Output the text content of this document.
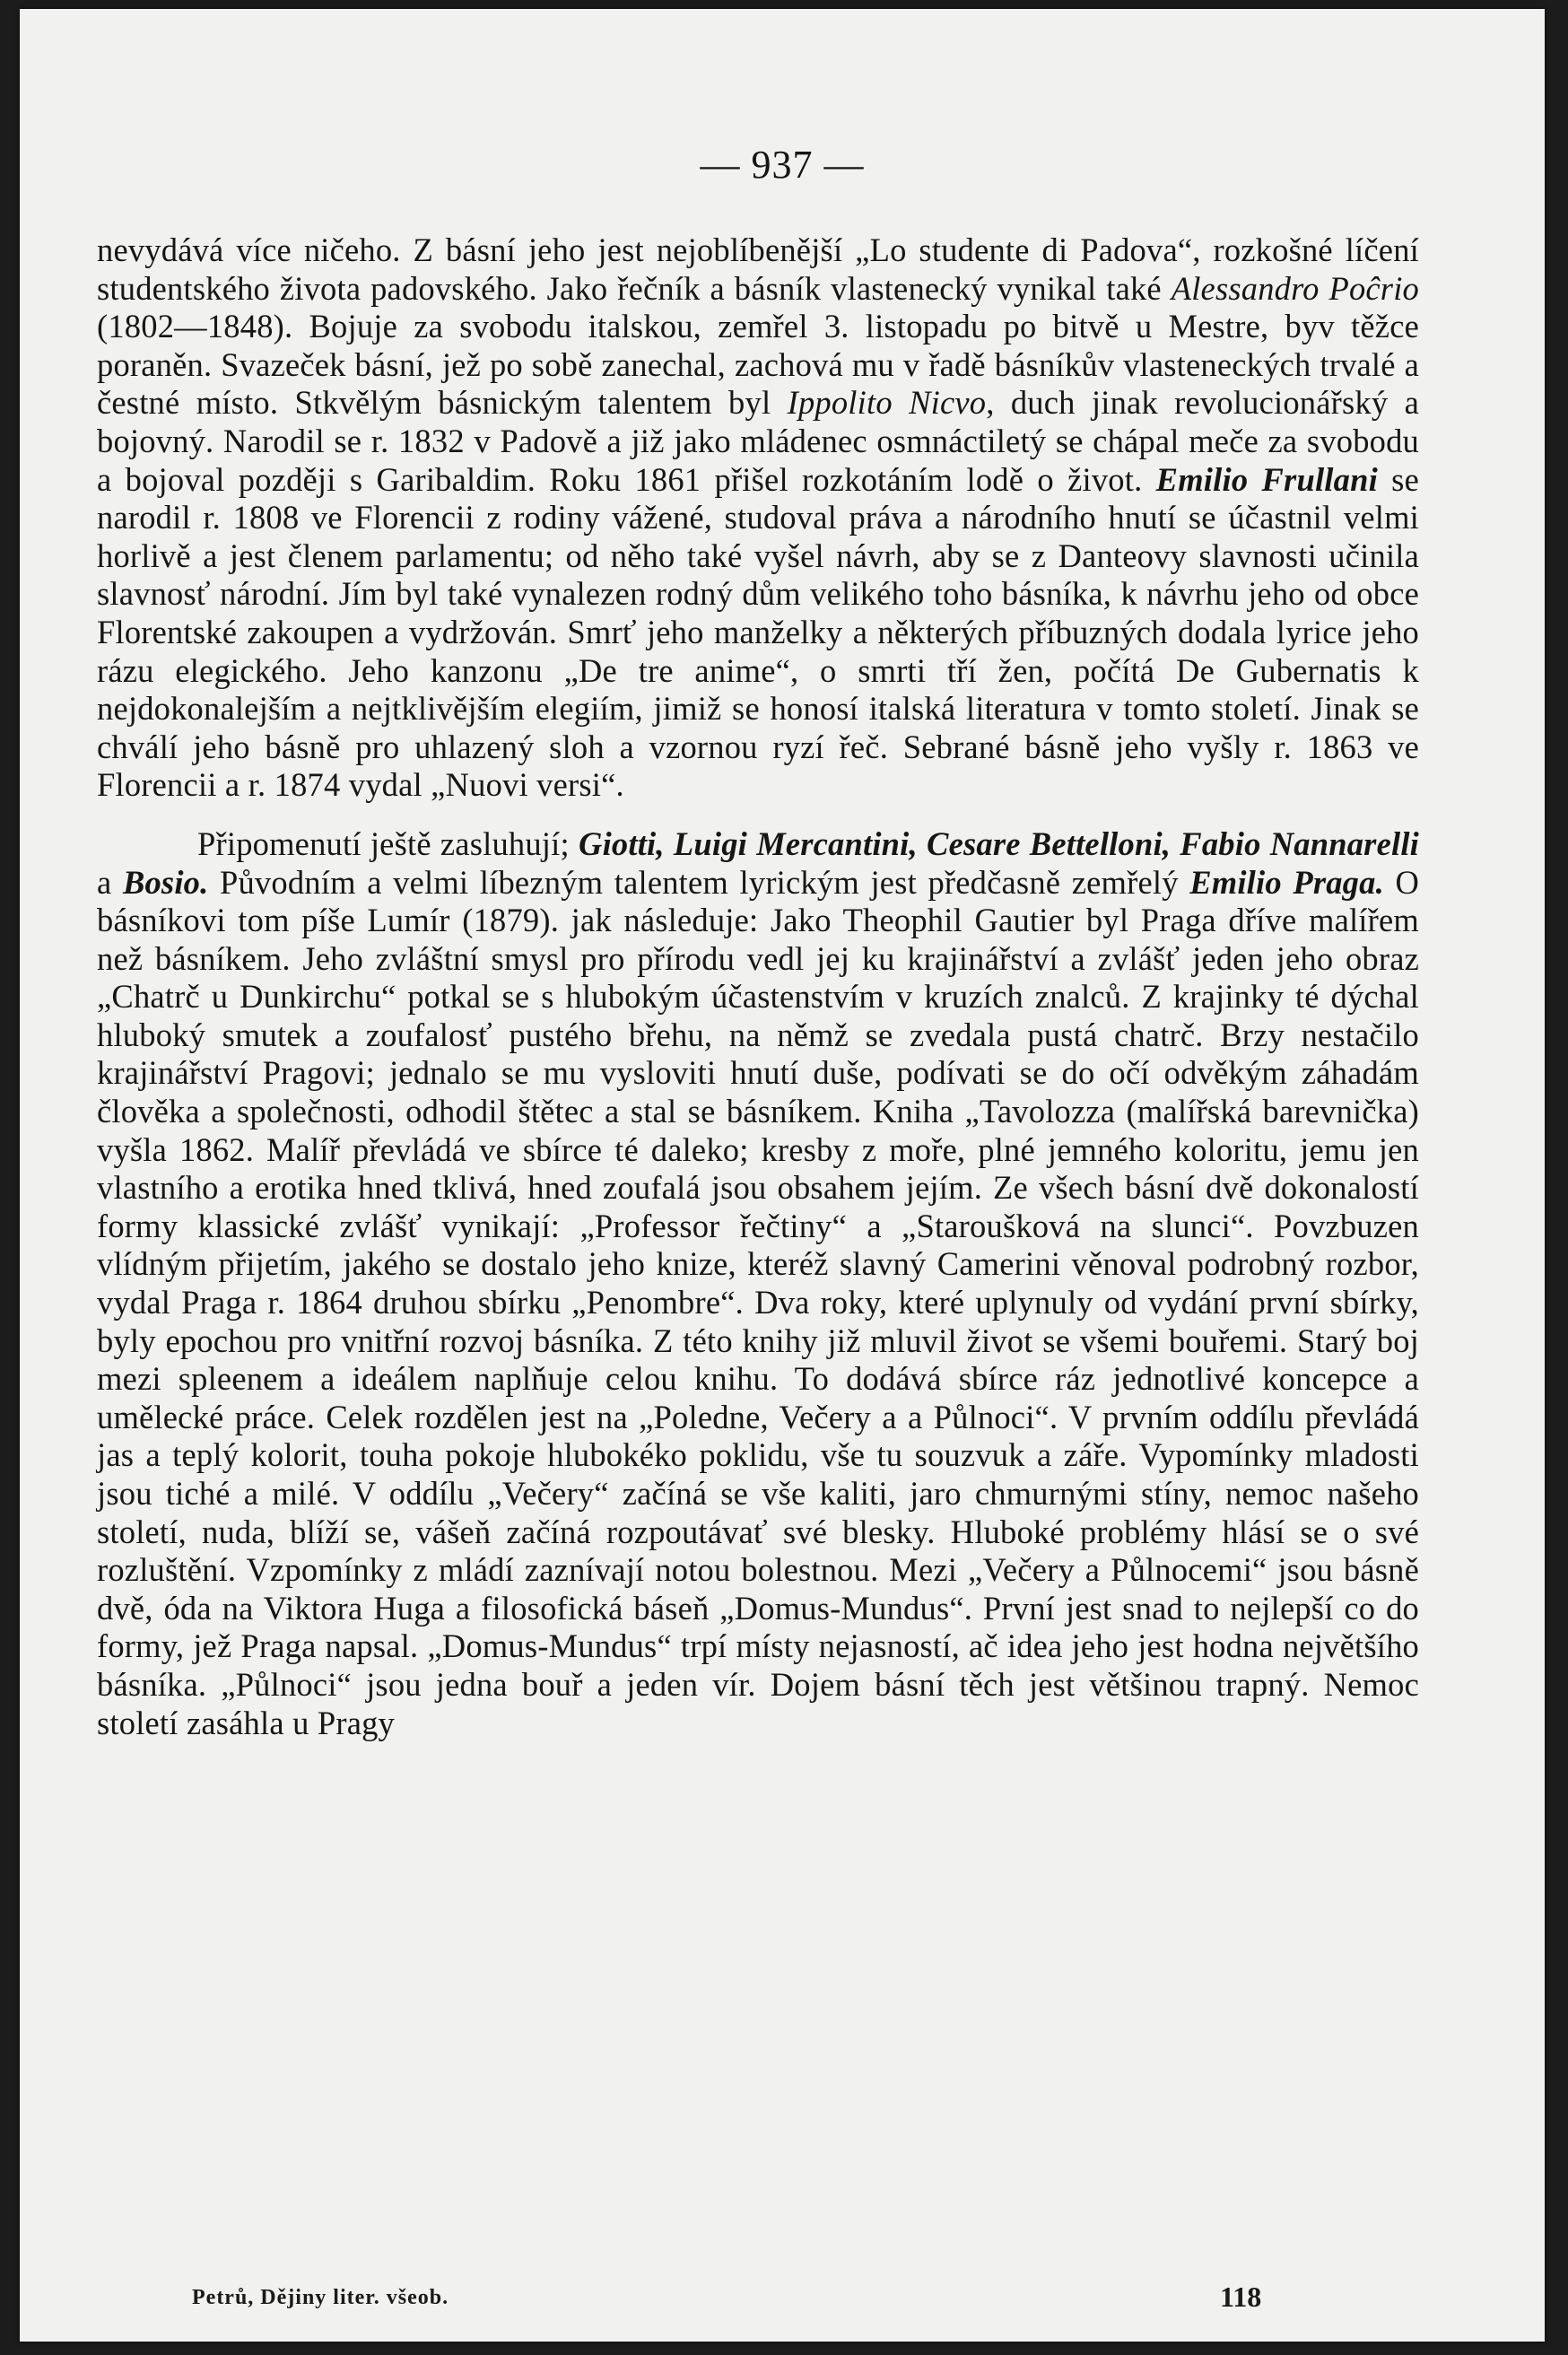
— 937 —

nevydává více ničeho. Z básní jeho jest nejoblíbenější „Lo studente di Padova“, rozkošné líčení studentského života padovského. Jako řečník a básník vlastenecký vynikal také Alessandro Poĉrio (1802—1848). Bojuje za svobodu italskou, zemřel 3. listopadu po bitvě u Mestre, byv těžce poraněn. Svazeček básní, jež po sobě zanechal, zachová mu v řadě básníkův vlasteneckých trvalé a čestné místo. Stkvělým básnickým talentem byl Ippolito Nicvo, duch jinak revolucionářský a bojovný. Narodil se r. 1832 v Padově a již jako mládenec osmnáctiletý se chápal meče za svobodu a bojoval později s Garibaldim. Roku 1861 přišel rozkotáním lodě o život. Emilio Frullani se narodil r. 1808 ve Florencii z rodiny vážené, studoval práva a národního hnutí se účastnil velmi horlivě a jest členem parlamentu; od něho také vyšel návrh, aby se z Danteovy slavnosti učinila slavnosť národní. Jím byl také vynalezen rodný dům velikého toho básníka, k návrhu jeho od obce Florentské zakoupen a vydržován. Smrť jeho manželky a některých příbuzných dodala lyrice jeho rázu elegického. Jeho kanzonu „De tre anime“, o smrti tří žen, počítá De Gubernatis k nejdokonalejším a nejtklivějším elegiím, jimiž se honosí italská literatura v tomto století. Jinak se chválí jeho básně pro uhlazený sloh a vzornou ryzí řeč. Sebrané básně jeho vyšly r. 1863 ve Florencii a r. 1874 vydal „Nuovi versi“.

Připomenutí ještě zasluhují; Giotti, Luigi Mercantini, Cesare Bettelloni, Fabio Nannarelli a Bosio. Původním a velmi líbezným talentem lyrickým jest předčasně zemřelý Emilio Praga. O básníkovi tom píše Lumír (1879). jak následuje: Jako Theophil Gautier byl Praga dříve malířem než básníkem. Jeho zvláštní smysl pro přírodu vedl jej ku krajinářství a zvlášť jeden jeho obraz „Chatrč u Dunkirchu“ potkal se s hlubokým účastenstvím v kruzích znalců. Z krajinky té dýchal hluboký smutek a zoufalosť pustého břehu, na němž se zvedala pustá chatrč. Brzy nestačilo krajinářství Pragovi; jednalo se mu vysloviti hnutí duše, podívati se do očí odvěkým záhadám člověka a společnosti, odhodil štětec a stal se básníkem. Kniha „Tavolozza (malířská barevnička) vyšla 1862. Malíř převládá ve sbírce té daleko; kresby z moře, plné jemného koloritu, jemu jen vlastního a erotika hned tklivá, hned zoufalá jsou obsahem jejím. Ze všech básní dvě dokonalostí formy klassické zvlášť vynikají: „Professor řečtiny“ a „Staroušková na slunci“. Povzbuzen vlídným přijetím, jakého se dostalo jeho knize, kteréž slavný Camerini věnoval podrobný rozbor, vydal Praga r. 1864 druhou sbírku „Penombre“. Dva roky, které uplynuly od vydání první sbírky, byly epochou pro vnitřní rozvoj básníka. Z této knihy již mluvil život se všemi bouřemi. Starý boj mezi spleenem a ideálem naplňuje celou knihu. To dodává sbírce ráz jednotlivé koncepce a umělecké práce. Celek rozdělen jest na „Poledne, Večery a a Půlnoci“. V prvním oddílu převládá jas a teplý kolorit, touha pokoje hlubokéko poklidu, vše tu souzvuk a záře. Vypomínky mladosti jsou tiché a milé. V oddílu „Večery“ začíná se vše kaliti, jaro chmurnými stíny, nemoc našeho století, nuda, blíží se, vášeň začíná rozpoutávať své blesky. Hluboké problémy hlásí se o své rozluštění. Vzpomínky z mládí zaznívají notou bolestnou. Mezi „Večery a Půlnocemi“ jsou básně dvě, óda na Viktora Huga a filosofická báseň „Domus-Mundus“. První jest snad to nejlepší co do formy, jež Praga napsal. „Domus-Mundus“ trpí místy nejasností, ač idea jeho jest hodna největšího básníka. „Půlnoci“ jsou jedna bouř a jeden vír. Dojem básní těch jest většinou trapný. Nemoc století zasáhla u Pragy

Petrů, Dějiny liter. všeob.	118
